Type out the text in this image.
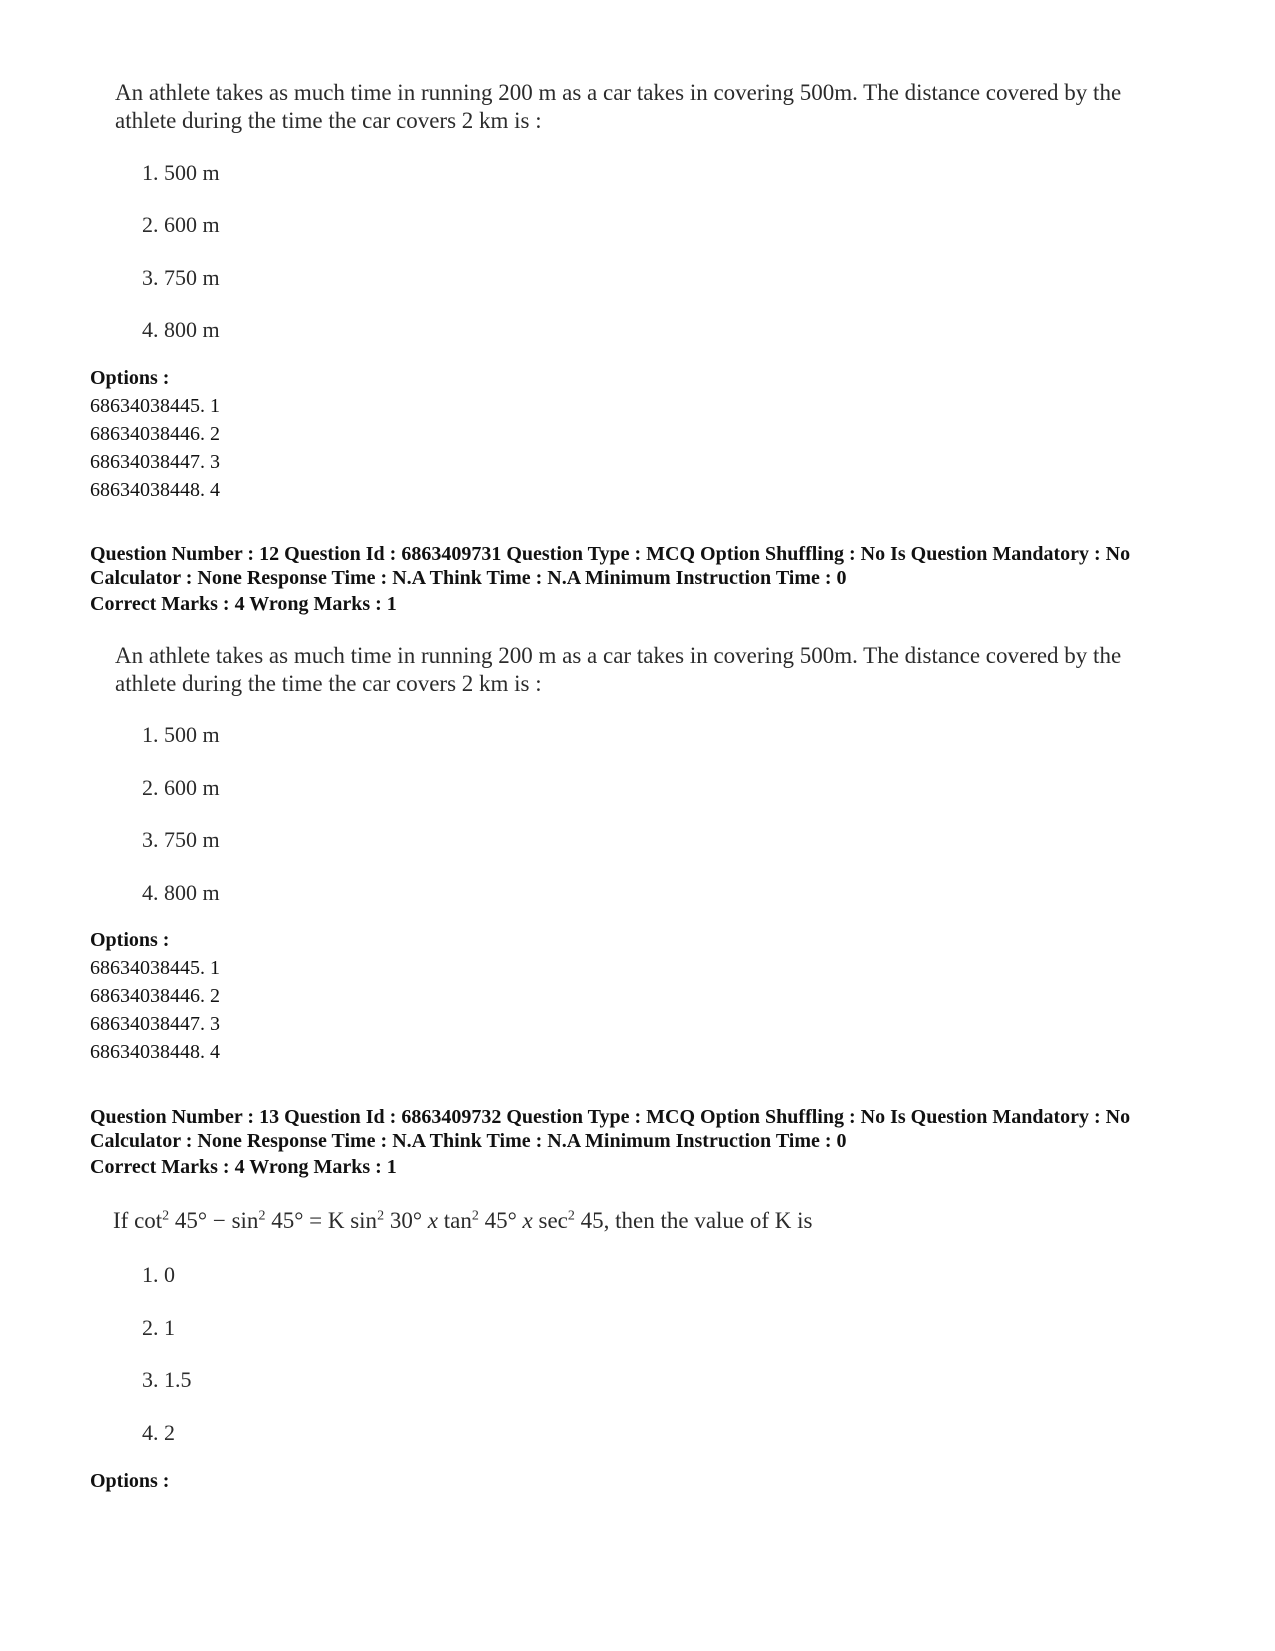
An athlete takes as much time in running 200 m as a car takes in covering 500m. The distance covered by the athlete during the time the car covers 2 km is :
1. 500 m
2. 600 m
3. 750 m
4. 800 m
Options :
68634038445. 1
68634038446. 2
68634038447. 3
68634038448. 4
Question Number : 12 Question Id : 6863409731 Question Type : MCQ Option Shuffling : No Is Question Mandatory : No Calculator : None Response Time : N.A Think Time : N.A Minimum Instruction Time : 0
Correct Marks : 4 Wrong Marks : 1
An athlete takes as much time in running 200 m as a car takes in covering 500m. The distance covered by the athlete during the time the car covers 2 km is :
1. 500 m
2. 600 m
3. 750 m
4. 800 m
Options :
68634038445. 1
68634038446. 2
68634038447. 3
68634038448. 4
Question Number : 13 Question Id : 6863409732 Question Type : MCQ Option Shuffling : No Is Question Mandatory : No Calculator : None Response Time : N.A Think Time : N.A Minimum Instruction Time : 0
Correct Marks : 4 Wrong Marks : 1
If $\cot^2 45^\circ - \sin^2 45^\circ = K$ $\sin^2 30^\circ$ x $\tan^2 45^\circ$ x $\sec^2 45$, then the value of K is
1. 0
2. 1
3. 1.5
4. 2
Options :
